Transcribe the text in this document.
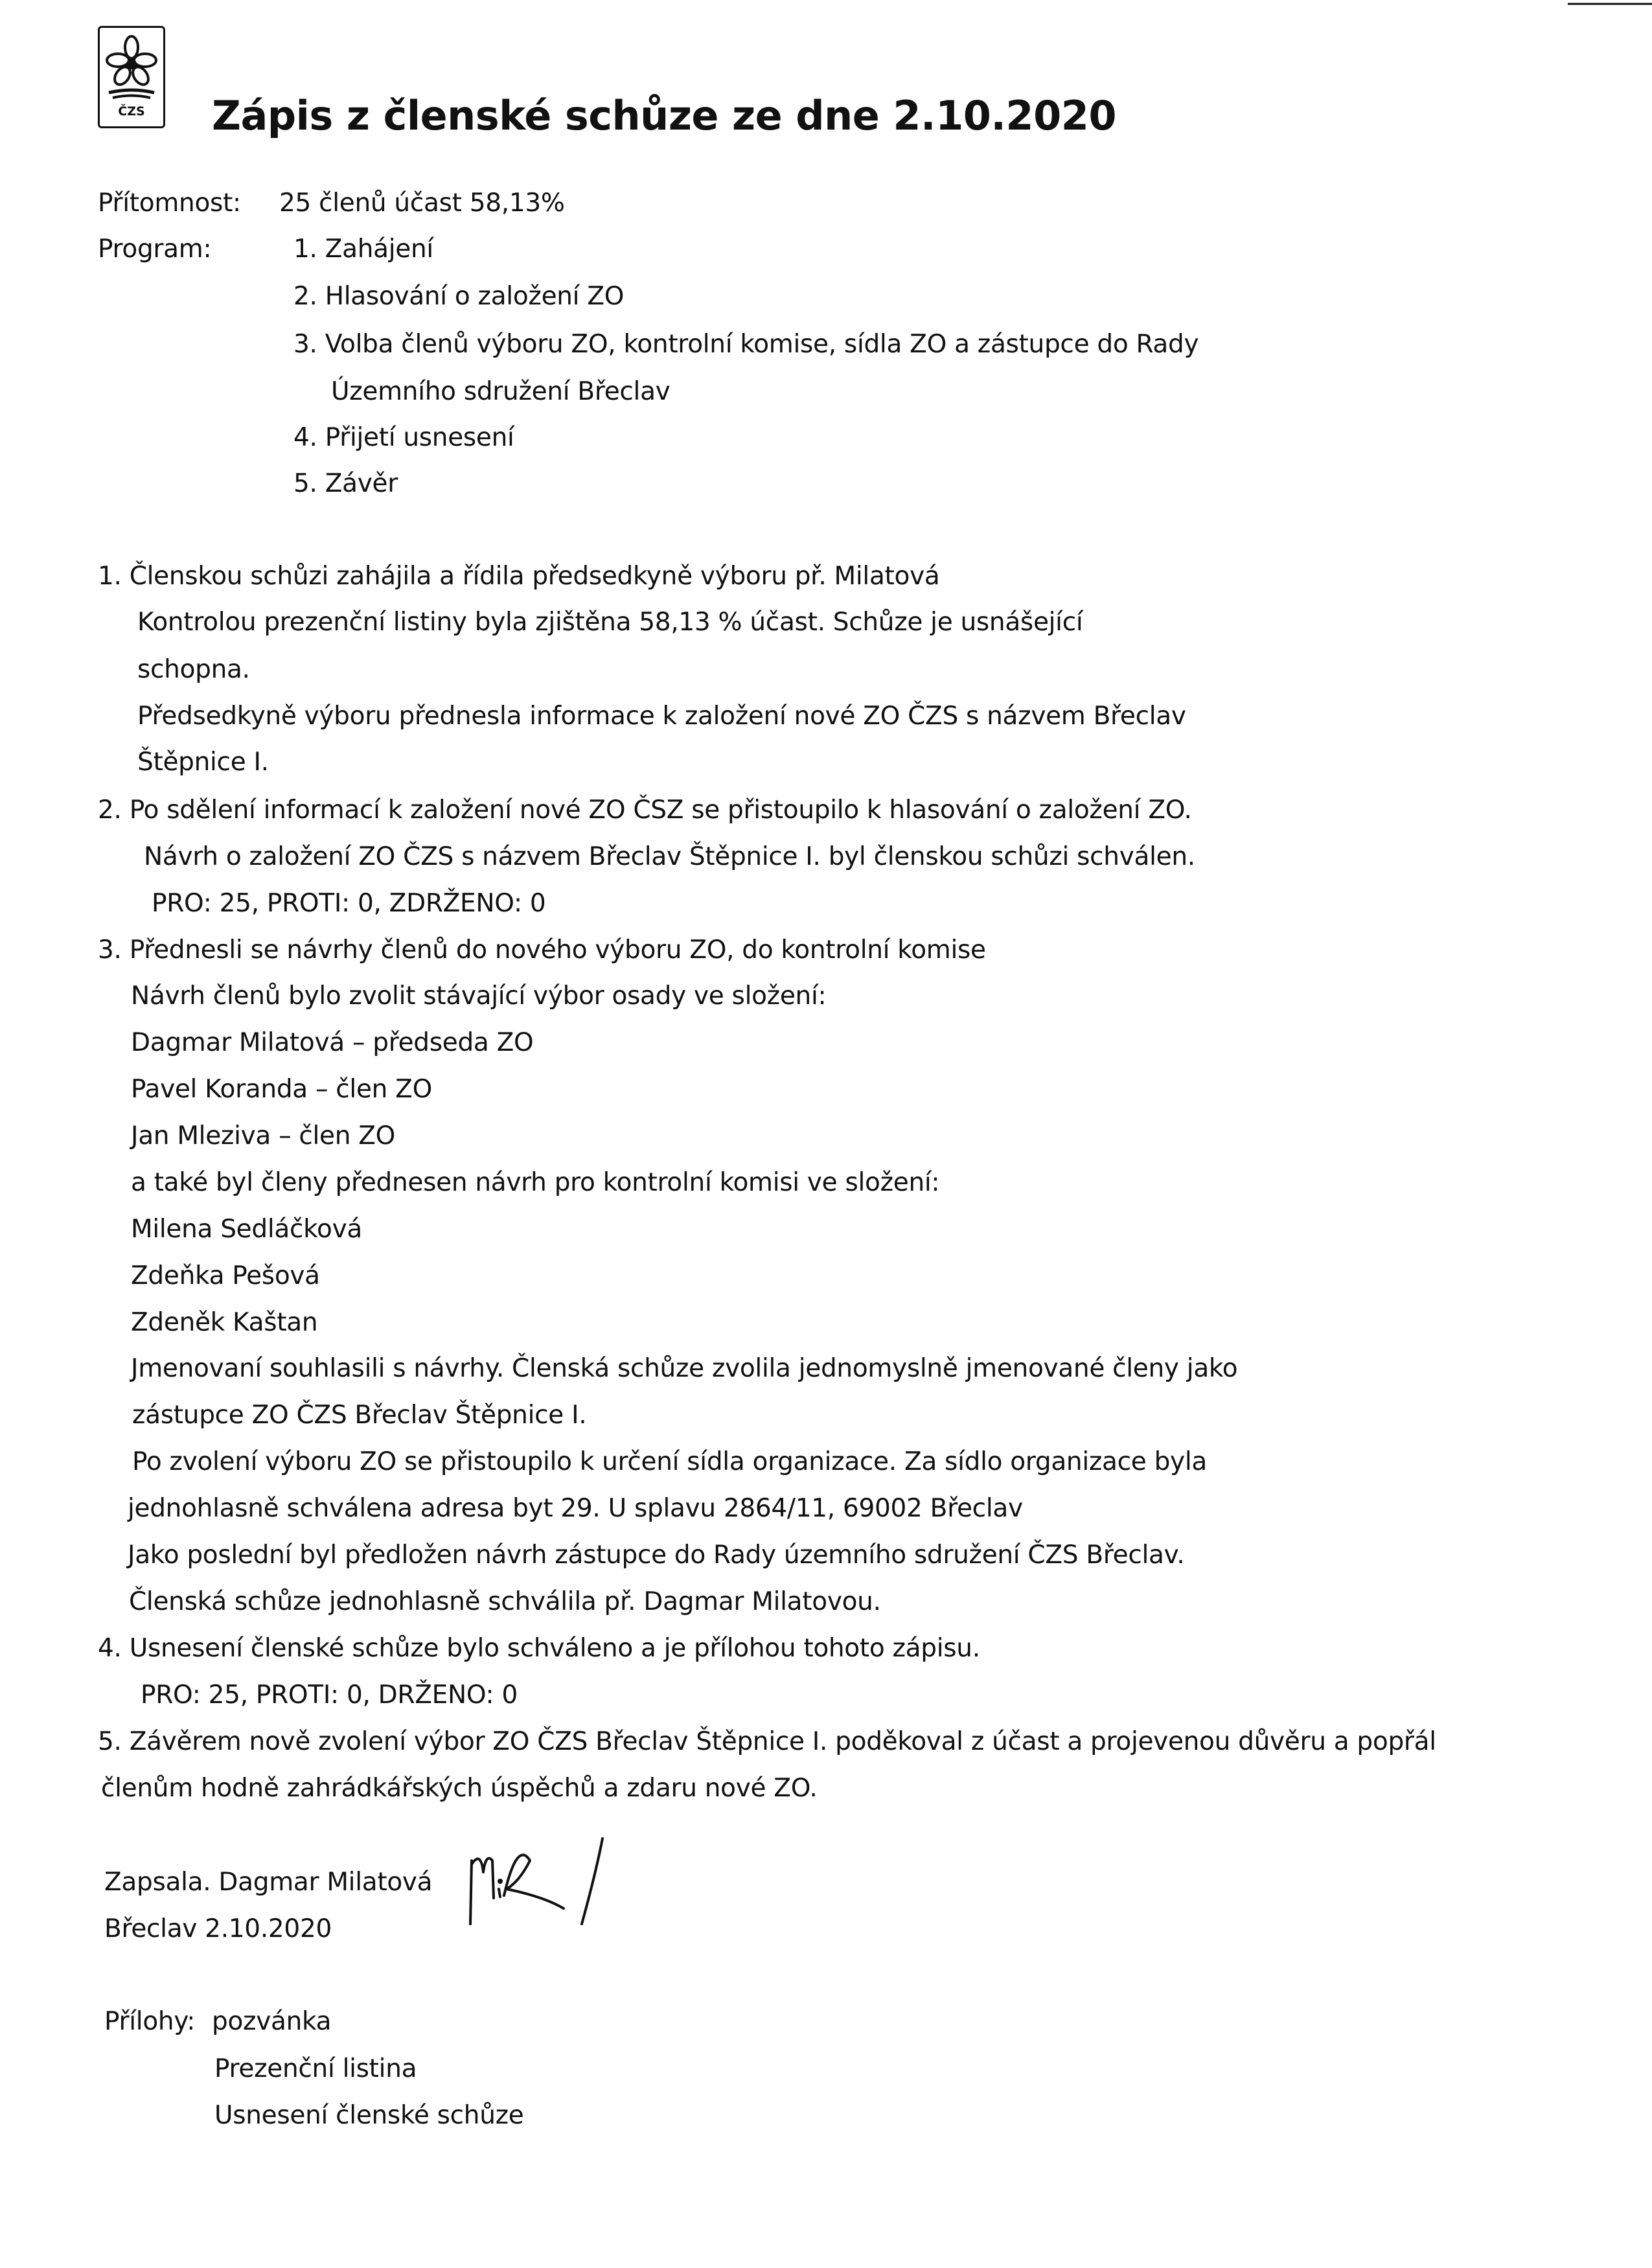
ČZS	Zápis z členské schůze ze dne 2.10.2020
Přítomnost: 25 členů účast 58,13%
Program:	1. Zahájení
2. Hlasování o založení ZO
3. Volba členů výboru ZO, kontrolní komise, sídla ZO a zástupce do Rady
Územního sdružení Břeclav
4. Přijetí usnesení
5. Závěr
1. Členskou schůzi zahájila a řídila předsedkyně výboru př. Milatová
Kontrolou prezenční listiny byla zjištěna 58,13 % účast. Schůze je usnášející
schopna.
Předsedkyně výboru přednesla informace k založení nové ZO ČZS s názvem Břeclav
Štěpnice I.
2. Po sdělení informací k založení nové ZO ČSZ se přistoupilo k hlasování o založení ZO.
Návrh o založení ZO ČZS s názvem Břeclav Štěpnice I. byl členskou schůzi schválen.
PRO: 25, PROTI: 0, ZDRŽENO: 0
3. Přednesli se návrhy členů do nového výboru ZO, do kontrolní komise
Návrh členů bylo zvolit stávající výbor osady ve složení:
Dagmar Milatová – předseda ZO
Pavel Koranda – člen ZO
Jan Mleziva – člen ZO
a také byl členy přednesen návrh pro kontrolní komisi ve složení:
Milena Sedláčková
Zdeňka Pešová
Zdeněk Kaštan
Jmenovaní souhlasili s návrhy. Členská schůze zvolila jednomyslně jmenované členy jako
zástupce ZO ČZS Břeclav Štěpnice I.
Po zvolení výboru ZO se přistoupilo k určení sídla organizace. Za sídlo organizace byla
jednohlasně schválena adresa byt 29. U splavu 2864/11, 69002 Břeclav
Jako poslední byl předložen návrh zástupce do Rady územního sdružení ČZS Břeclav.
Členská schůze jednohlasně schválila př. Dagmar Milatovou.
4. Usnesení členské schůze bylo schváleno a je přílohou tohoto zápisu.
PRO: 25, PROTI: 0, DRŽENO: 0
5. Závěrem nově zvolení výbor ZO ČZS Břeclav Štěpnice I. poděkoval z účast a projevenou důvěru a popřál
členům hodně zahrádkářských úspěchů a zdaru nové ZO.
Zapsala. Dagmar Milatová
Břeclav 2.10.2020
Přílohy: pozvánka
Prezenční listina
Usnesení členské schůze
